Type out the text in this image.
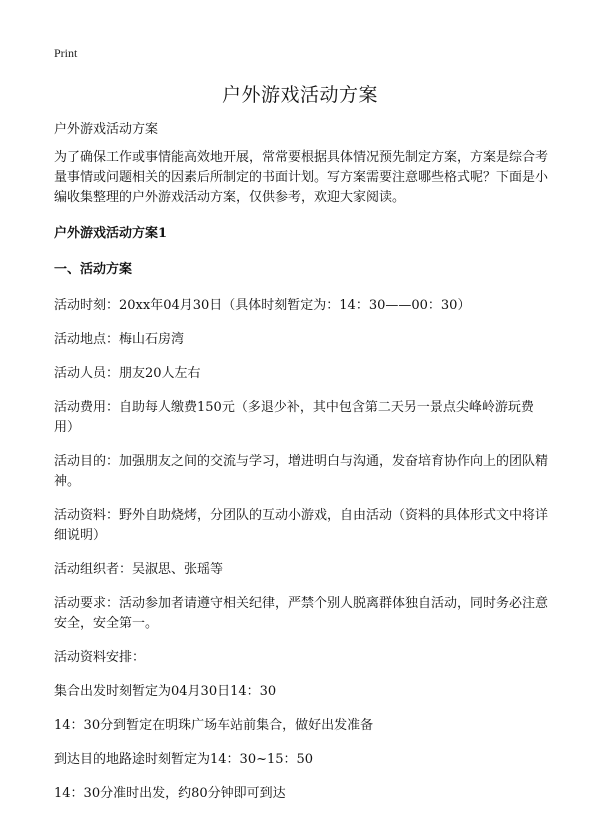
Print
户外游戏活动方案

户外游戏活动方案

为了确保工作或事情能高效地开展，常常要根据具体情况预先制定方案，方案是综合考量事情或问题相关的因素后所制定的书面计划。写方案需要注意哪些格式呢？下面是小编收集整理的户外游戏活动方案，仅供参考，欢迎大家阅读。

户外游戏活动方案1

一、活动方案

活动时刻：20xx年04月30日（具体时刻暂定为：14：30——00：30）

活动地点：梅山石房湾

活动人员：朋友20人左右

活动费用：自助每人缴费150元（多退少补，其中包含第二天另一景点尖峰岭游玩费用）

活动目的：加强朋友之间的交流与学习，增进明白与沟通，发奋培育协作向上的团队精神。

活动资料：野外自助烧烤，分团队的互动小游戏，自由活动（资料的具体形式文中将详细说明）

活动组织者：吴淑思、张瑶等

活动要求：活动参加者请遵守相关纪律，严禁个别人脱离群体独自活动，同时务必注意安全，安全第一。

活动资料安排：

集合出发时刻暂定为04月30日14：30

14：30分到暂定在明珠广场车站前集合，做好出发准备

到达目的地路途时刻暂定为14：30~15：50

14：30分准时出发，约80分钟即可到达
